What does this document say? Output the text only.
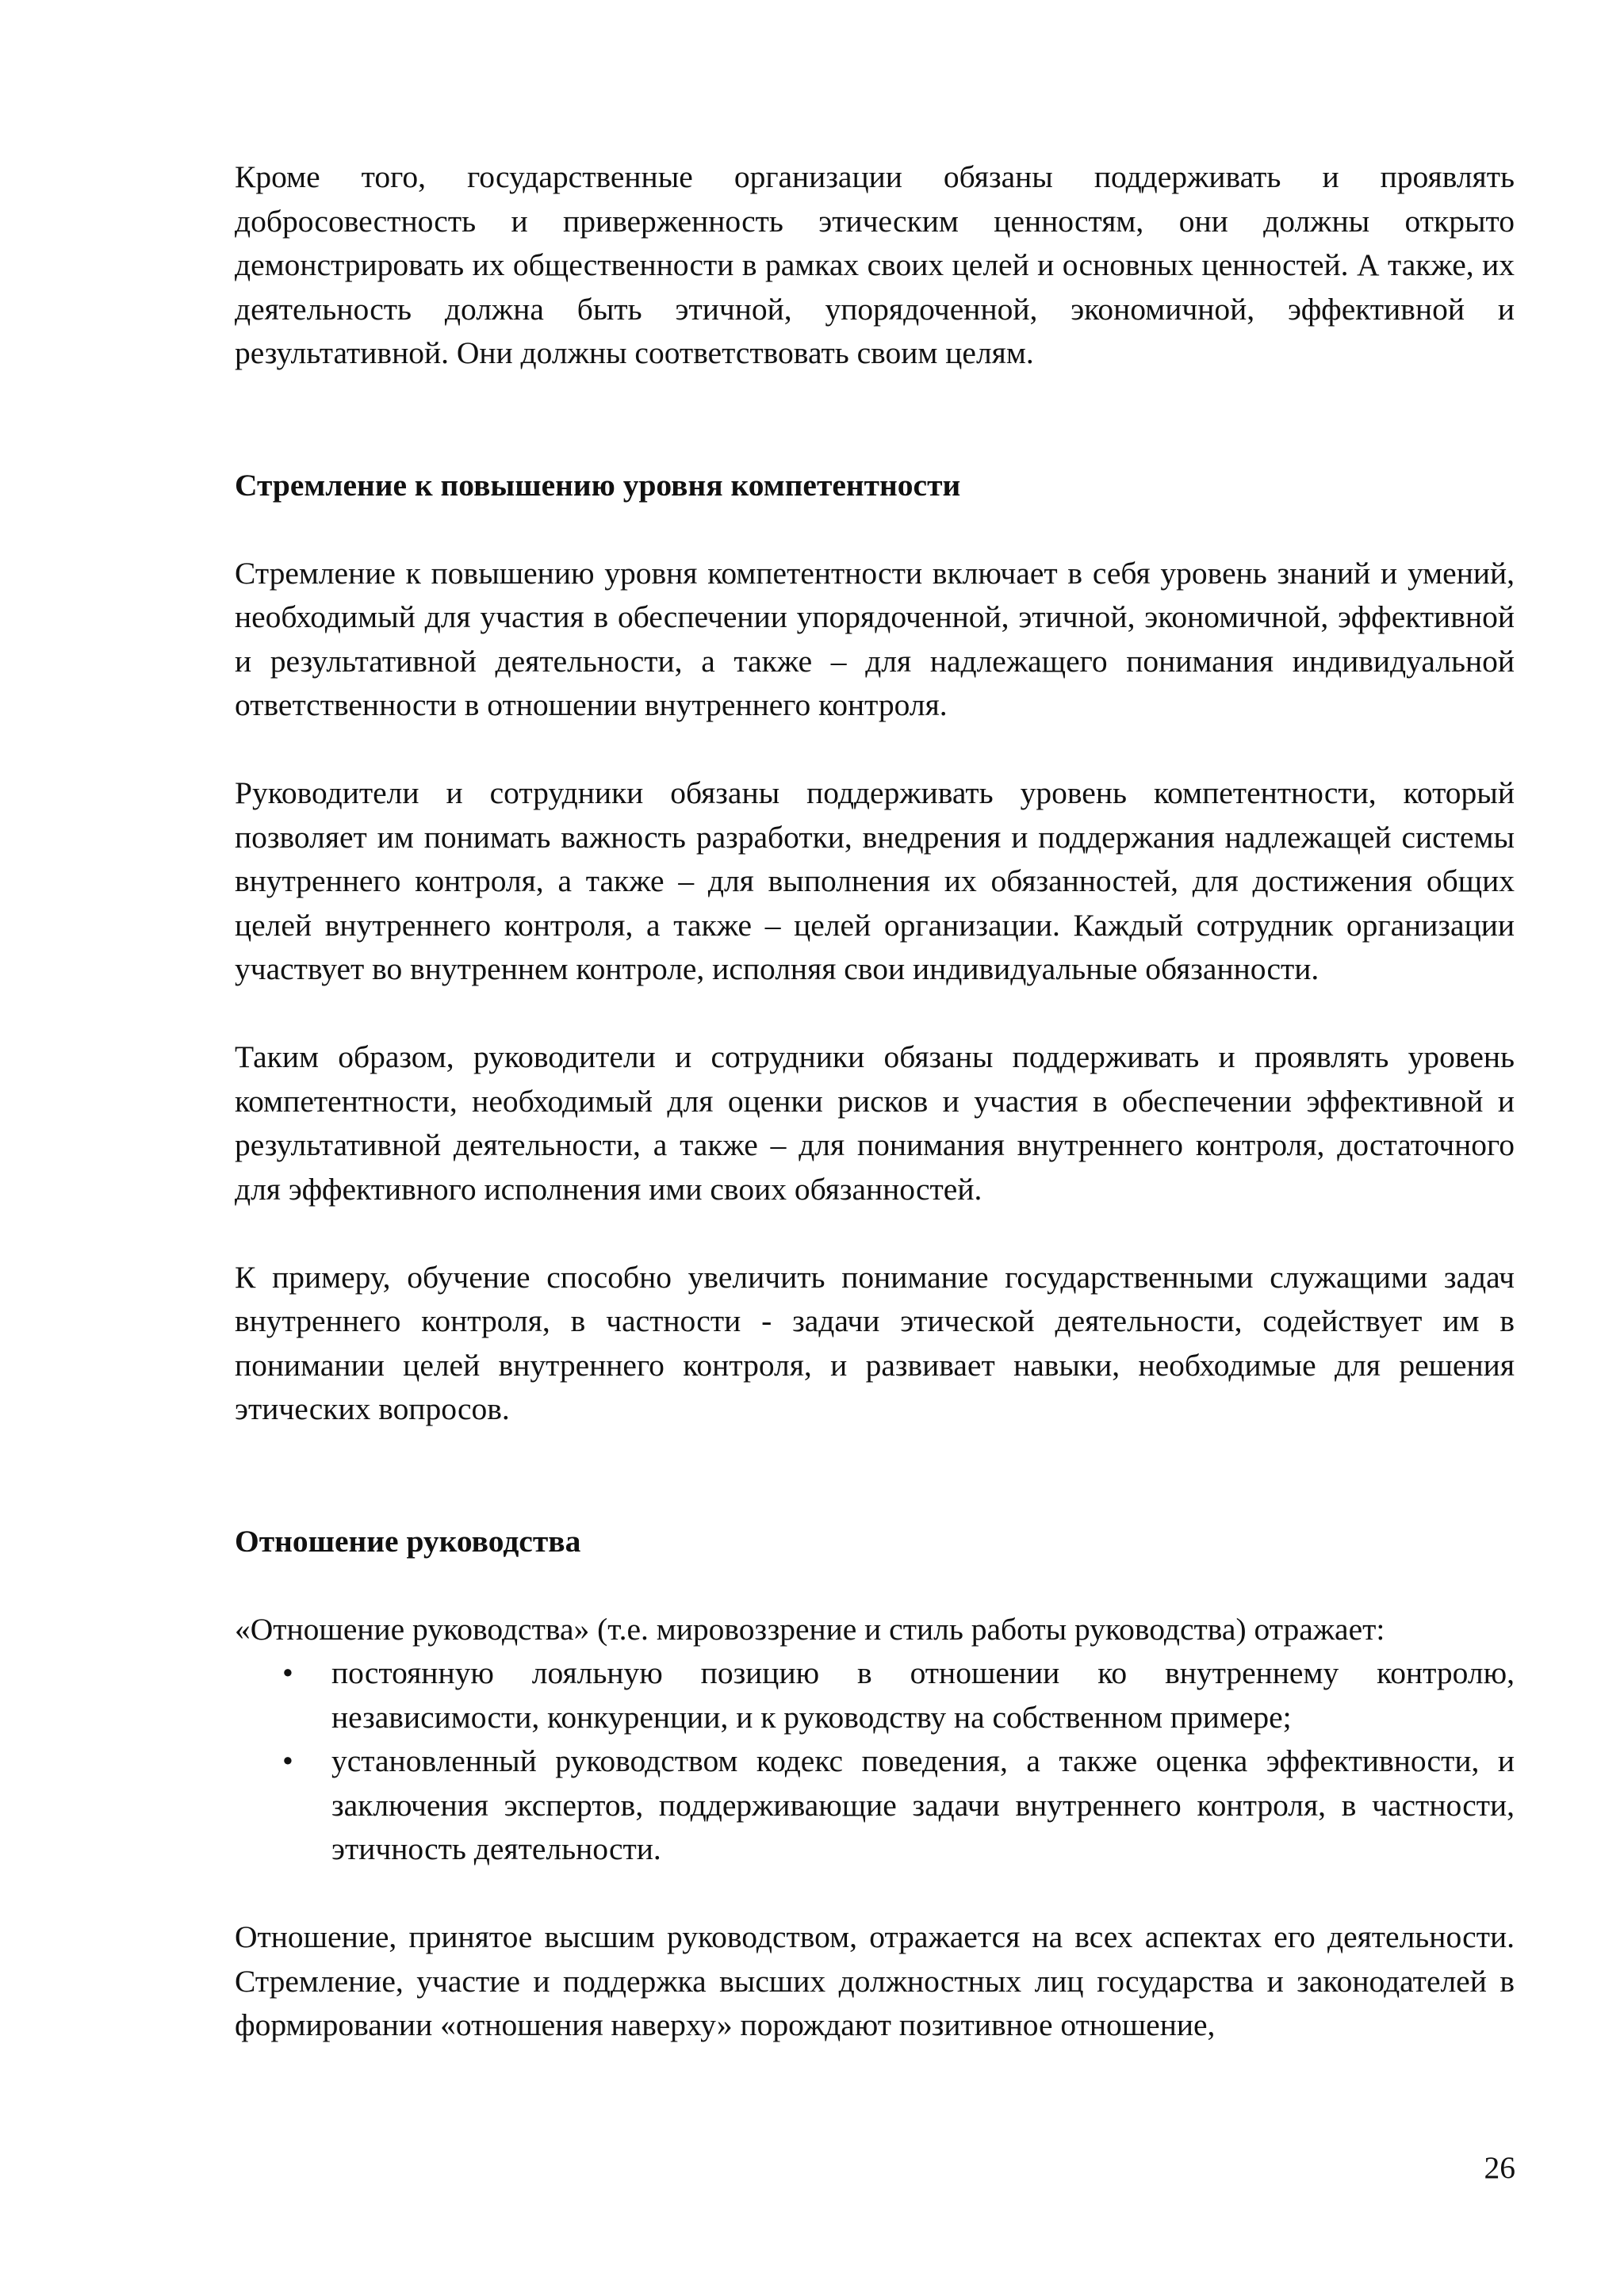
Кроме того, государственные организации обязаны поддерживать и проявлять добросовестность и приверженность этическим ценностям, они должны открыто демонстрировать их общественности в рамках своих целей и основных ценностей. А также, их деятельность должна быть этичной, упорядоченной, экономичной, эффективной и результативной. Они должны соответствовать своим целям.

Стремление к повышению уровня компетентности

Стремление к повышению уровня компетентности включает в себя уровень знаний и умений, необходимый для участия в обеспечении упорядоченной, этичной, экономичной, эффективной и результативной деятельности, а также – для надлежащего понимания индивидуальной ответственности в отношении внутреннего контроля.

Руководители и сотрудники обязаны поддерживать уровень компетентности, который позволяет им понимать важность разработки, внедрения и поддержания надлежащей системы внутреннего контроля, а также – для выполнения их обязанностей, для достижения общих целей внутреннего контроля, а также – целей организации. Каждый сотрудник организации участвует во внутреннем контроле, исполняя свои индивидуальные обязанности.

Таким образом, руководители и сотрудники обязаны поддерживать и проявлять уровень компетентности, необходимый для оценки рисков и участия в обеспечении эффективной и результативной деятельности, а также – для понимания внутреннего контроля, достаточного для эффективного исполнения ими своих обязанностей.

К примеру, обучение способно увеличить понимание государственными служащими задач внутреннего контроля, в частности - задачи этической деятельности, содействует им в понимании целей внутреннего контроля, и развивает навыки, необходимые для решения этических вопросов.

Отношение руководства

«Отношение руководства» (т.е. мировоззрение и стиль работы руководства) отражает:

• постоянную лояльную позицию в отношении ко внутреннему контролю, независимости, конкуренции, и к руководству на собственном примере;
• установленный руководством кодекс поведения, а также оценка эффективности, и заключения экспертов, поддерживающие задачи внутреннего контроля, в частности, этичность деятельности.

Отношение, принятое высшим руководством, отражается на всех аспектах его деятельности. Стремление, участие и поддержка высших должностных лиц государства и законодателей в формировании «отношения наверху» порождают позитивное отношение,

26
